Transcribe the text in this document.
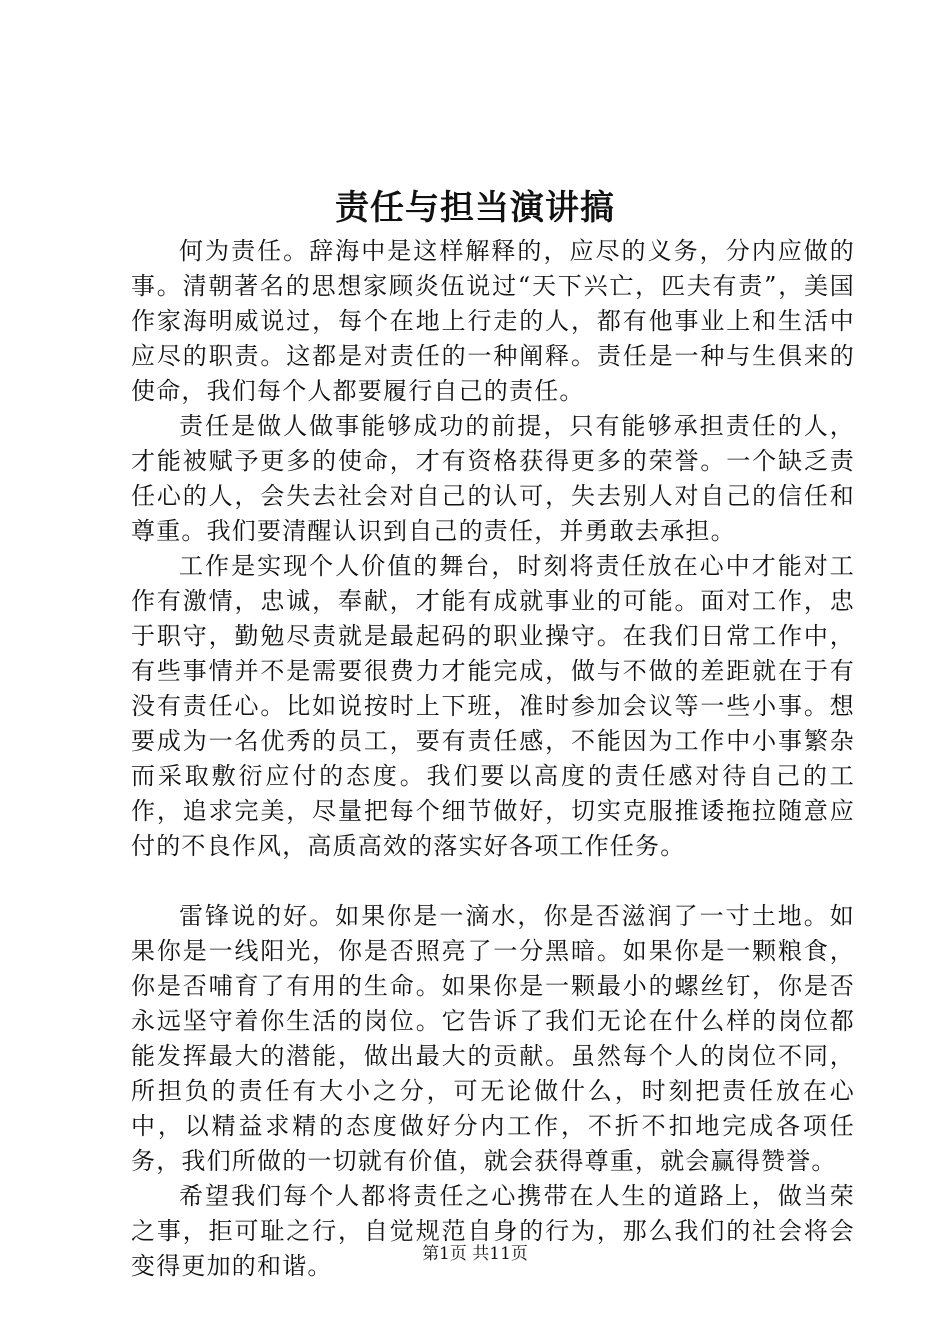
责任与担当演讲搞

何为责任。辞海中是这样解释的，应尽的义务，分内应做的事。清朝著名的思想家顾炎伍说过“天下兴亡，匹夫有责”，美国作家海明威说过，每个在地上行走的人，都有他事业上和生活中应尽的职责。这都是对责任的一种阐释。责任是一种与生俱来的使命，我们每个人都要履行自己的责任。

责任是做人做事能够成功的前提，只有能够承担责任的人，才能被赋予更多的使命，才有资格获得更多的荣誉。一个缺乏责任心的人，会失去社会对自己的认可，失去别人对自己的信任和尊重。我们要清醒认识到自己的责任，并勇敢去承担。

工作是实现个人价值的舞台，时刻将责任放在心中才能对工作有激情，忠诚，奉献，才能有成就事业的可能。面对工作，忠于职守，勤勉尽责就是最起码的职业操守。在我们日常工作中，有些事情并不是需要很费力才能完成，做与不做的差距就在于有没有责任心。比如说按时上下班，准时参加会议等一些小事。想要成为一名优秀的员工，要有责任感，不能因为工作中小事繁杂而采取敷衍应付的态度。我们要以高度的责任感对待自己的工作，追求完美，尽量把每个细节做好，切实克服推诿拖拉随意应付的不良作风，高质高效的落实好各项工作任务。

雷锋说的好。如果你是一滴水，你是否滋润了一寸土地。如果你是一线阳光，你是否照亮了一分黑暗。如果你是一颗粮食，你是否哺育了有用的生命。如果你是一颗最小的螺丝钉，你是否永远坚守着你生活的岗位。它告诉了我们无论在什么样的岗位都能发挥最大的潜能，做出最大的贡献。虽然每个人的岗位不同，所担负的责任有大小之分，可无论做什么，时刻把责任放在心中，以精益求精的态度做好分内工作，不折不扣地完成各项任务，我们所做的一切就有价值，就会获得尊重，就会赢得赞誉。

希望我们每个人都将责任之心携带在人生的道路上，做当荣之事，拒可耻之行，自觉规范自身的行为，那么我们的社会将会变得更加的和谐。	第1页 共11页
